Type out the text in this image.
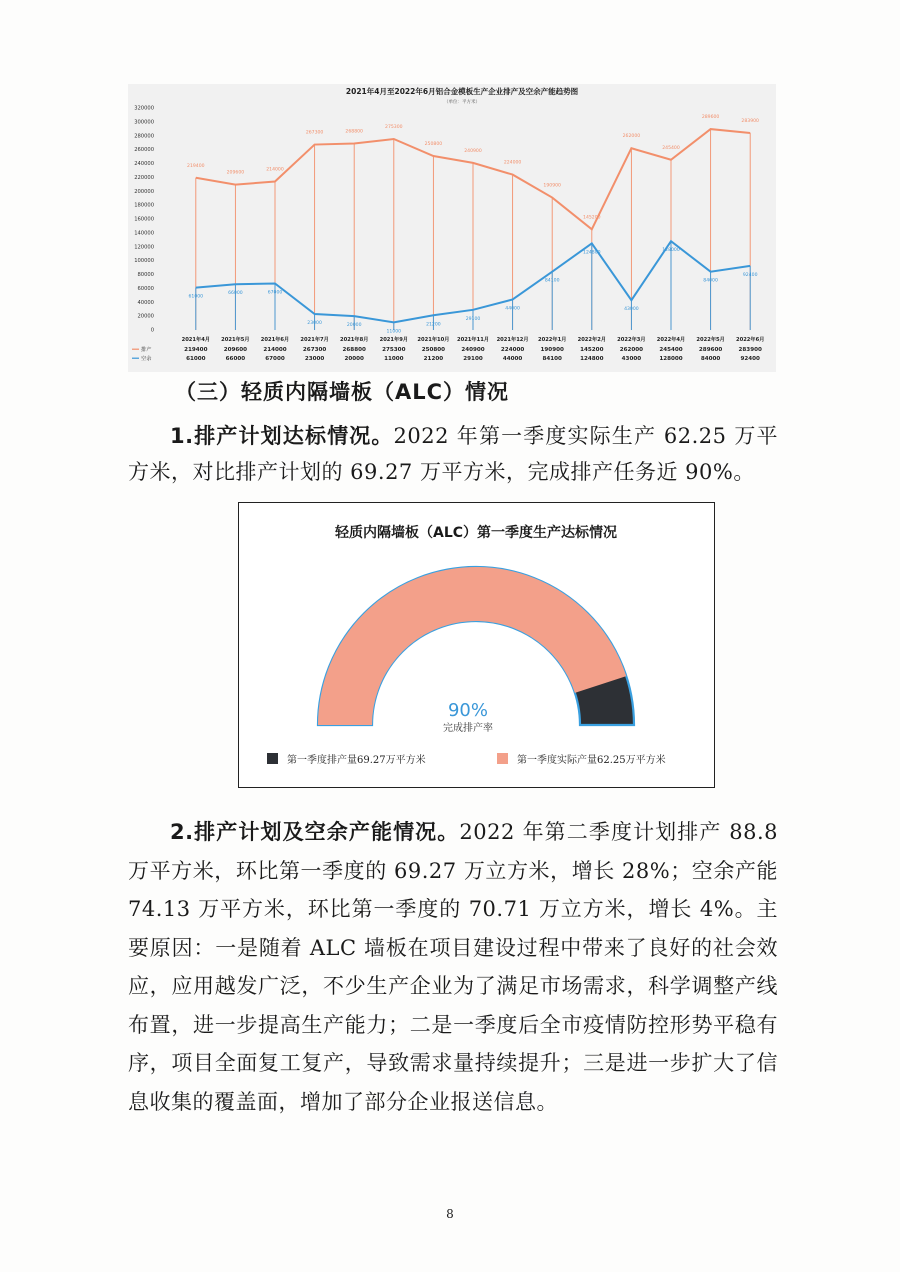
2021年4月至2022年6月铝合金模板生产企业排产及空余产能趋势图
（单位：平方米）
0
20000
40000
60000
80000
100000
120000
140000
160000
180000
200000
220000
240000
260000
280000
300000
320000
219400
209600
214000
267300	268800
275300
250800
240900
224000
190900
145200
262000
245400
289600
283900
61000
66000	67000
23000	20000
11000
21200
29100
44000
84100
124800
43000
128000
84000
92400
2021年4月 2021年5月 2021年6月 2021年7月 2021年8月 2021年9月 2021年10月 2021年11月 2021年12月 2022年1月 2022年2月 2022年3月 2022年4月 2022年5月 2022年6月
排产	219400	209600	214000	267300	268800	275300	250800	240900	224000	190900	145200	262000	245400	289600	283900
空余	61000	66000	67000	23000	20000	11000	21200	29100	44000	84100	124800	43000	128000	84000	92400
（三）轻质内隔墙板（ALC）情况
1.排产计划达标情况。2022 年第一季度实际生产 62.25 万平方米，对比排产计划的 69.27 万平方米，完成排产任务近 90%。
轻质内隔墙板（ALC）第一季度生产达标情况
90%
完成排产率
第一季度排产量69.27万平方米	第一季度实际产量62.25万平方米
2.排产计划及空余产能情况。2022 年第二季度计划排产 88.8 万平方米，环比第一季度的 69.27 万立方米，增长 28%；空余产能 74.13 万平方米，环比第一季度的 70.71 万立方米，增长 4%。主要原因：一是随着 ALC 墙板在项目建设过程中带来了良好的社会效应，应用越发广泛，不少生产企业为了满足市场需求，科学调整产线布置，进一步提高生产能力；二是一季度后全市疫情防控形势平稳有序，项目全面复工复产，导致需求量持续提升；三是进一步扩大了信息收集的覆盖面，增加了部分企业报送信息。
8
